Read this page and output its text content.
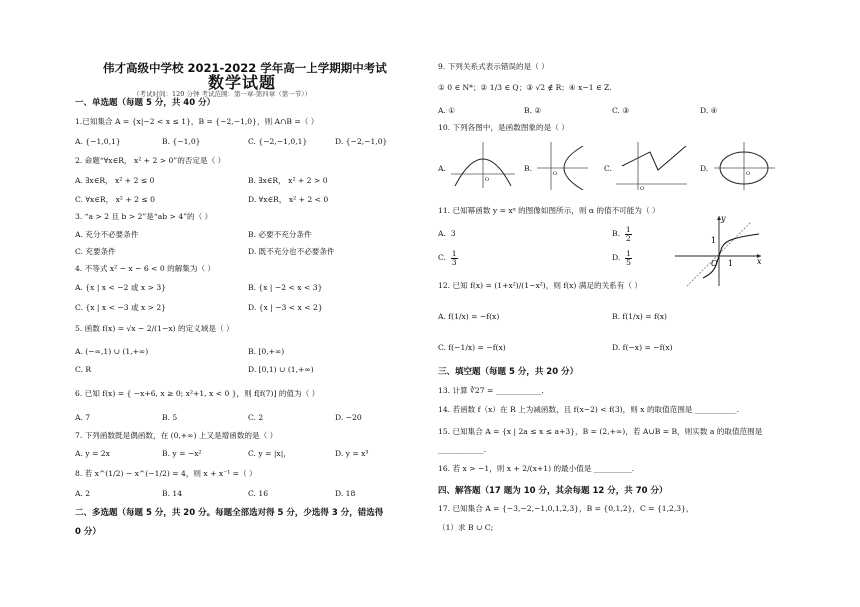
伟才高级中学校 2021-2022 学年高一上学期期中考试
数学试题
（考试时间：120 分钟 考试范围：第一章-第四章（第一节））
一、单选题（每题 5 分，共 40 分）
1.已知集合 A = {x|−2 < x ≤ 1}，B = {−2,−1,0}，则 A∩B =（ ）
A. {−1,0,1}	B. {−1,0}	C. {−2,−1,0,1}	D. {−2,−1,0}
2. 命题“∀x∈R， x² + 2 > 0”的否定是（ ）
A. ∃x∈R， x² + 2 ≤ 0	B. ∃x∈R， x² + 2 > 0
C. ∀x∈R， x² + 2 ≤ 0	D. ∀x∈R， x² + 2 < 0
3. “a > 2 且 b > 2”是“ab > 4”的（ ）
A. 充分不必要条件	B. 必要不充分条件
C. 充要条件	D. 既不充分也不必要条件
4. 不等式 x² − x − 6 < 0 的解集为（ ）
A. {x | x < −2 或 x > 3}	B. {x | −2 < x < 3}
C. {x | x < −3 或 x > 2}	D. {x | −3 < x < 2}
5. 函数 f(x) = √x − 2/(1−x) 的定义域是（ ）
A. (−∞,1) ∪ (1,+∞)	B. [0,+∞)
C. R	D. [0,1) ∪ (1,+∞)
6. 已知 f(x) = { −x+6, x ≥ 0; x²+1, x < 0 }，则 f[f(7)] 的值为（ ）
A. 7	B. 5	C. 2	D. −20
7. 下列函数既是偶函数，在 (0,+∞) 上又是增函数的是（ ）
A. y = 2x	B. y = −x²	C. y = |x|，	D. y = x³
8. 若 x^(1/2) − x^(−1/2) = 4，则 x + x⁻¹ =（ ）
A. 2	B. 14	C. 16	D. 18
二、多选题（每题 5 分，共 20 分。每题全部选对得 5 分，少选得 3 分，错选得
0 分）
9. 下列关系式表示错误的是（ ）
① 0 ∈ N*；② 1/3 ∈ Q；③ √2 ∉ R；④ x−1 ∈ Z.
A. ①	B. ②	C. ③	D. ④
10. 下列各图中，是函数图象的是（ ）
A.
O
B.
O
C.
O
D.
O
11. 已知幂函数 y = xᵅ 的图像如图所示，则 α 的值不可能为（ ）
A.  3	B. $\frac{1}{2}$
C. $\frac{1}{3}$	D. $\frac{1}{5}$
y
x
1
O 1
12. 已知 f(x) = (1+x²)/(1−x²)，则 f(x) 满足的关系有（ ）
A. f(1/x) = −f(x)	B. f(1/x) = f(x)
C. f(−1/x) = −f(x)	D. f(−x) = −f(x)
三、填空题（每题 5 分，共 20 分）
13. 计算 ∛27 = ____________.
14. 若函数 f（x）在 R 上为减函数，且 f(x−2) < f(3)，则 x 的取值范围是 ___________.
15. 已知集合 A = {x | 2a ≤ x ≤ a+3}，B = (2,+∞)，若 A∪B = B，则实数 a 的取值范围是
____________.
16. 若 x > −1，则 x + 2/(x+1) 的最小值是 __________.
四、解答题（17 题为 10 分，其余每题 12 分，共 70 分）
17. 已知集合 A = {−3,−2,−1,0,1,2,3}，B = {0,1,2}，C = {1,2,3}，
（1）求 B ∪ C;
